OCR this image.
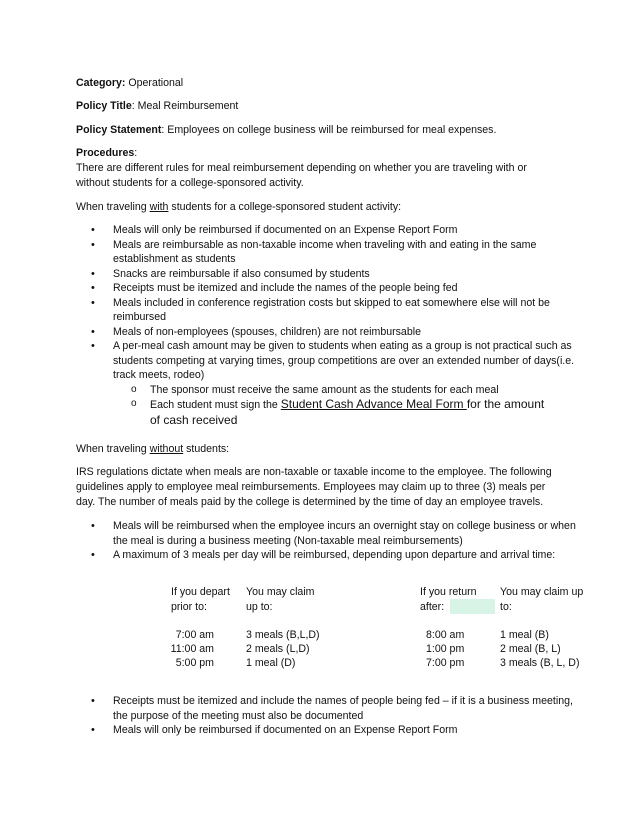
Category: Operational
Policy Title: Meal Reimbursement
Policy Statement: Employees on college business will be reimbursed for meal expenses.
Procedures:
There are different rules for meal reimbursement depending on whether you are traveling with or
without students for a college-sponsored activity.
When traveling with students for a college-sponsored student activity:
• Meals will only be reimbursed if documented on an Expense Report Form
• Meals are reimbursable as non-taxable income when traveling with and eating in the same establishment as students
• Snacks are reimbursable if also consumed by students
• Receipts must be itemized and include the names of the people being fed
• Meals included in conference registration costs but skipped to eat somewhere else will not be reimbursed
• Meals of non-employees (spouses, children) are not reimbursable
• A per-meal cash amount may be given to students when eating as a group is not practical such as students competing at varying times, group competitions are over an extended number of days(i.e. track meets, rodeo)
o The sponsor must receive the same amount as the students for each meal
o Each student must sign the Student Cash Advance Meal Form for the amount of cash received
When traveling without students:
IRS regulations dictate when meals are non-taxable or taxable income to the employee. The following
guidelines apply to employee meal reimbursements. Employees may claim up to three (3) meals per
day. The number of meals paid by the college is determined by the time of day an employee travels.
• Meals will be reimbursed when the employee incurs an overnight stay on college business or when the meal is during a business meeting (Non-taxable meal reimbursements)
• A maximum of 3 meals per day will be reimbursed, depending upon departure and arrival time:
If you depart
prior to:
You may claim
up to:
If you return
after:
You may claim up
to:
7:00 am
11:00 am
5:00 pm
3 meals (B,L,D)
2 meals (L,D)
1 meal (D)
8:00 am
1:00 pm
7:00 pm
1 meal (B)
2 meal (B, L)
3 meals (B, L, D)
• Receipts must be itemized and include the names of people being fed – if it is a business meeting, the purpose of the meeting must also be documented
• Meals will only be reimbursed if documented on an Expense Report Form
